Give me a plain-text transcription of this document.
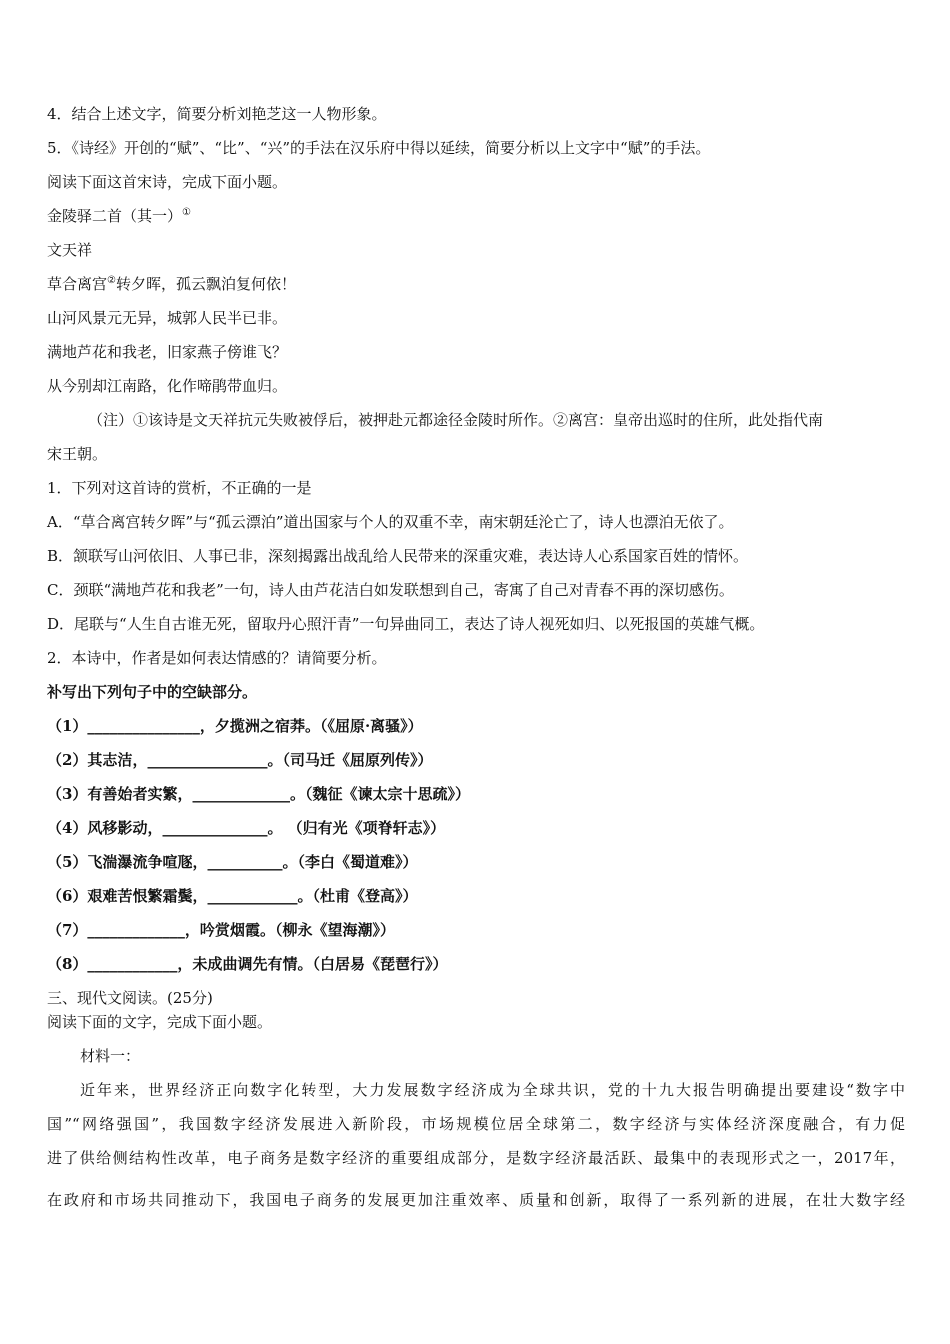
4．结合上述文字，简要分析刘艳芝这一人物形象。
5．《诗经》开创的“赋”、“比”、“兴”的手法在汉乐府中得以延续，简要分析以上文字中“赋”的手法。
阅读下面这首宋诗，完成下面小题。
金陵驿二首（其一）①
文天祥
草合离宫②转夕晖，孤云飘泊复何依！
山河风景元无异，城郭人民半已非。
满地芦花和我老，旧家燕子傍谁飞？
从今别却江南路，化作啼鹃带血归。
（注）①该诗是文天祥抗元失败被俘后，被押赴元都途径金陵时所作。②离宫：皇帝出巡时的住所，此处指代南
宋王朝。
1．下列对这首诗的赏析，不正确的一是
A．“草合离宫转夕晖”与“孤云漂泊”道出国家与个人的双重不幸，南宋朝廷沦亡了，诗人也漂泊无依了。
B．颔联写山河依旧、人事已非，深刻揭露出战乱给人民带来的深重灾难，表达诗人心系国家百姓的情怀。
C．颈联“满地芦花和我老”一句，诗人由芦花洁白如发联想到自己，寄寓了自己对青春不再的深切感伤。
D．尾联与“人生自古谁无死，留取丹心照汗青”一句异曲同工，表达了诗人视死如归、以死报国的英雄气概。
2．本诗中，作者是如何表达情感的？请简要分析。
补写出下列句子中的空缺部分。
（1）_______________，夕揽洲之宿莽。（《屈原·离骚》）
（2）其志洁，________________。（司马迁《屈原列传》）
（3）有善始者实繁，_____________。（魏征《谏太宗十思疏》）
（4）风移影动，______________。 （归有光《项脊轩志》）
（5）飞湍瀑流争喧豗，__________。（李白《蜀道难》）
（6）艰难苦恨繁霜鬓，____________。（杜甫《登高》）
（7）_____________，吟赏烟霞。（柳永《望海潮》）
（8）____________，未成曲调先有情。（白居易《琵琶行》）
三、现代文阅读。(25分)
阅读下面的文字，完成下面小题。
材料一：
近年来，世界经济正向数字化转型，大力发展数字经济成为全球共识，党的十九大报告明确提出要建设“数字中
国”“网络强国”，我国数字经济发展进入新阶段，市场规模位居全球第二，数字经济与实体经济深度融合，有力促
进了供给侧结构性改革，电子商务是数字经济的重要组成部分，是数字经济最活跃、最集中的表现形式之一，2017年，
在政府和市场共同推动下，我国电子商务的发展更加注重效率、质量和创新，取得了一系列新的进展，在壮大数字经
